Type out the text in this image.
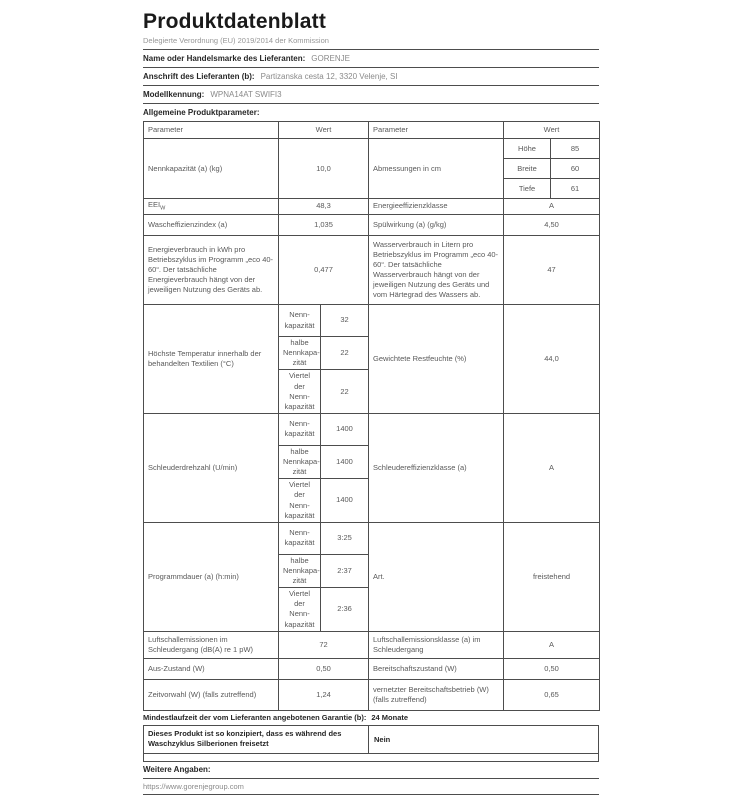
Produktdatenblatt
Delegierte Verordnung (EU) 2019/2014 der Kommission
Name oder Handelsmarke des Lieferanten: GORENJE
Anschrift des Lieferanten (b): Partizanska cesta 12, 3320 Velenje, SI
Modellkennung: WPNA14AT SWIFI3
Allgemeine Produktparameter:
Parameter	Wert		Parameter	Wert	
Nennkapazität (a) (kg)	10,0		Abmessungen in cm	Höhe	85
				Breite	60
				Tiefe	61
$EEI_W$	48,3		Energieeffizienzklasse	A	
Wascheffizienzindex (a)	1,035		Spülwirkung (a) (g/kg)	4,50	
Energieverbrauch in kWh pro Betriebszyklus im Programm „eco 40-60“. Der tatsächliche Energieverbrauch hängt von der jeweiligen Nutzung des Geräts ab.	0,477		Wasserverbrauch in Litern pro Betriebszyklus im Programm „eco 40-60“. Der tatsächliche Wasserverbrauch hängt von der jeweiligen Nutzung des Geräts und vom Härtegrad des Wassers ab.	47	
Höchste Temperatur innerhalb der behandelten Textilien (°C)	Nenn-kapazität	32	Gewichtete Restfeuchte (%)	44,0	
	halbe Nennkapa-zität	22			
	Viertel der Nenn-kapazität	22			
Schleuderdrehzahl (U/min)	Nenn-kapazität	1400	Schleudereffizienzklasse (a)	A	
	halbe Nennkapa-zität	1400			
	Viertel der Nenn-kapazität	1400			
Programmdauer (a) (h:min)	Nenn-kapazität	3:25	Art.	freistehend	
	halbe Nennkapa-zität	2:37			
	Viertel der Nenn-kapazität	2:36			
Luftschallemissionen im Schleudergang (dB(A) re 1 pW)	72		Luftschallemissionsklasse (a) im Schleudergang	A	
Aus-Zustand (W)	0,50		Bereitschaftszustand (W)	0,50	
Zeitvorwahl (W) (falls zutreffend)	1,24		vernetzter Bereitschaftsbetrieb (W) (falls zutreffend)	0,65	
Mindestlaufzeit der vom Lieferanten angebotenen Garantie (b): 24 Monate
Dieses Produkt ist so konzipiert, dass es während des Waschzyklus Silberionen freisetzt	Nein
Weitere Angaben:
https://www.gorenjegroup.com
